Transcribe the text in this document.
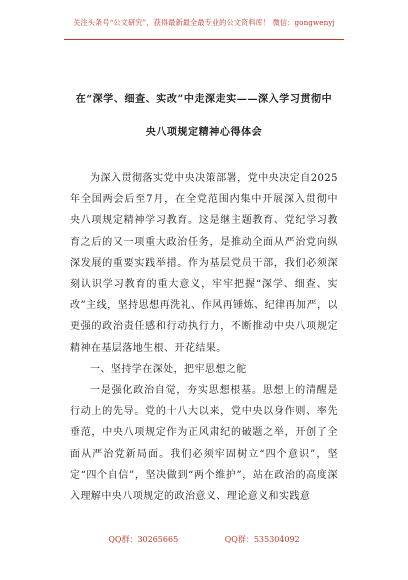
关注头条号“公文研究”，获得最新最全最专业的公文资料库！ 微信：gongwenyj
在“深学、细查、实改”中走深走实——深入学习贯彻中
央八项规定精神心得体会

为深入贯彻落实党中央决策部署，党中央决定自2025年全国两会后至7月，在全党范围内集中开展深入贯彻中央八项规定精神学习教育。这是继主题教育、党纪学习教育之后的又一项重大政治任务，是推动全面从严治党向纵深发展的重要实践举措。作为基层党员干部，我们必须深刻认识学习教育的重大意义，牢牢把握“深学、细查、实改”主线，坚持思想再洗礼、作风再锤炼、纪律再加严，以更强的政治责任感和行动执行力，不断推动中央八项规定精神在基层落地生根、开花结果。

一、坚持学在深处，把牢思想之舵

一是强化政治自觉，夯实思想根基。思想上的清醒是行动上的先导。党的十八大以来，党中央以身作则、率先垂范，中央八项规定作为正风肃纪的破题之举，开创了全面从严治党新局面。我们必须牢固树立“四个意识”，坚定“四个自信”，坚决做到“两个维护”，站在政治的高度深入理解中央八项规定的政治意义、理论意义和实践意

QQ群：30265665	QQ群：535304092
